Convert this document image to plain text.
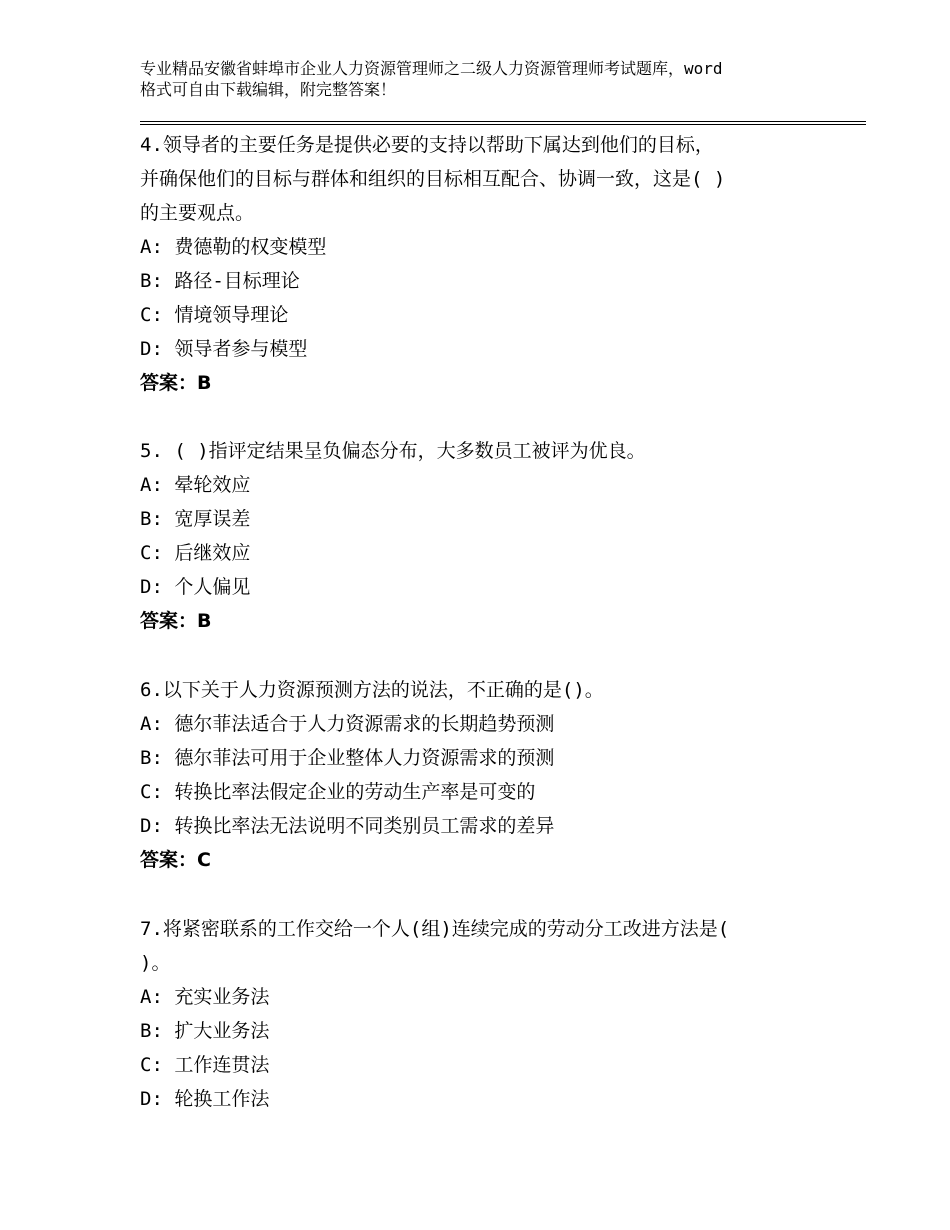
专业精品安徽省蚌埠市企业人力资源管理师之二级人力资源管理师考试题库，word
格式可自由下载编辑，附完整答案！
4.领导者的主要任务是提供必要的支持以帮助下属达到他们的目标，
并确保他们的目标与群体和组织的目标相互配合、协调一致，这是( )
的主要观点。
A: 费德勒的权变模型
B: 路径-目标理论
C: 情境领导理论
D: 领导者参与模型
答案：B
5. ( )指评定结果呈负偏态分布，大多数员工被评为优良。
A: 晕轮效应
B: 宽厚误差
C: 后继效应
D: 个人偏见
答案：B
6.以下关于人力资源预测方法的说法，不正确的是()。
A: 德尔菲法适合于人力资源需求的长期趋势预测
B: 德尔菲法可用于企业整体人力资源需求的预测
C: 转换比率法假定企业的劳动生产率是可变的
D: 转换比率法无法说明不同类别员工需求的差异
答案：C
7.将紧密联系的工作交给一个人(组)连续完成的劳动分工改进方法是(
)。
A: 充实业务法
B: 扩大业务法
C: 工作连贯法
D: 轮换工作法
